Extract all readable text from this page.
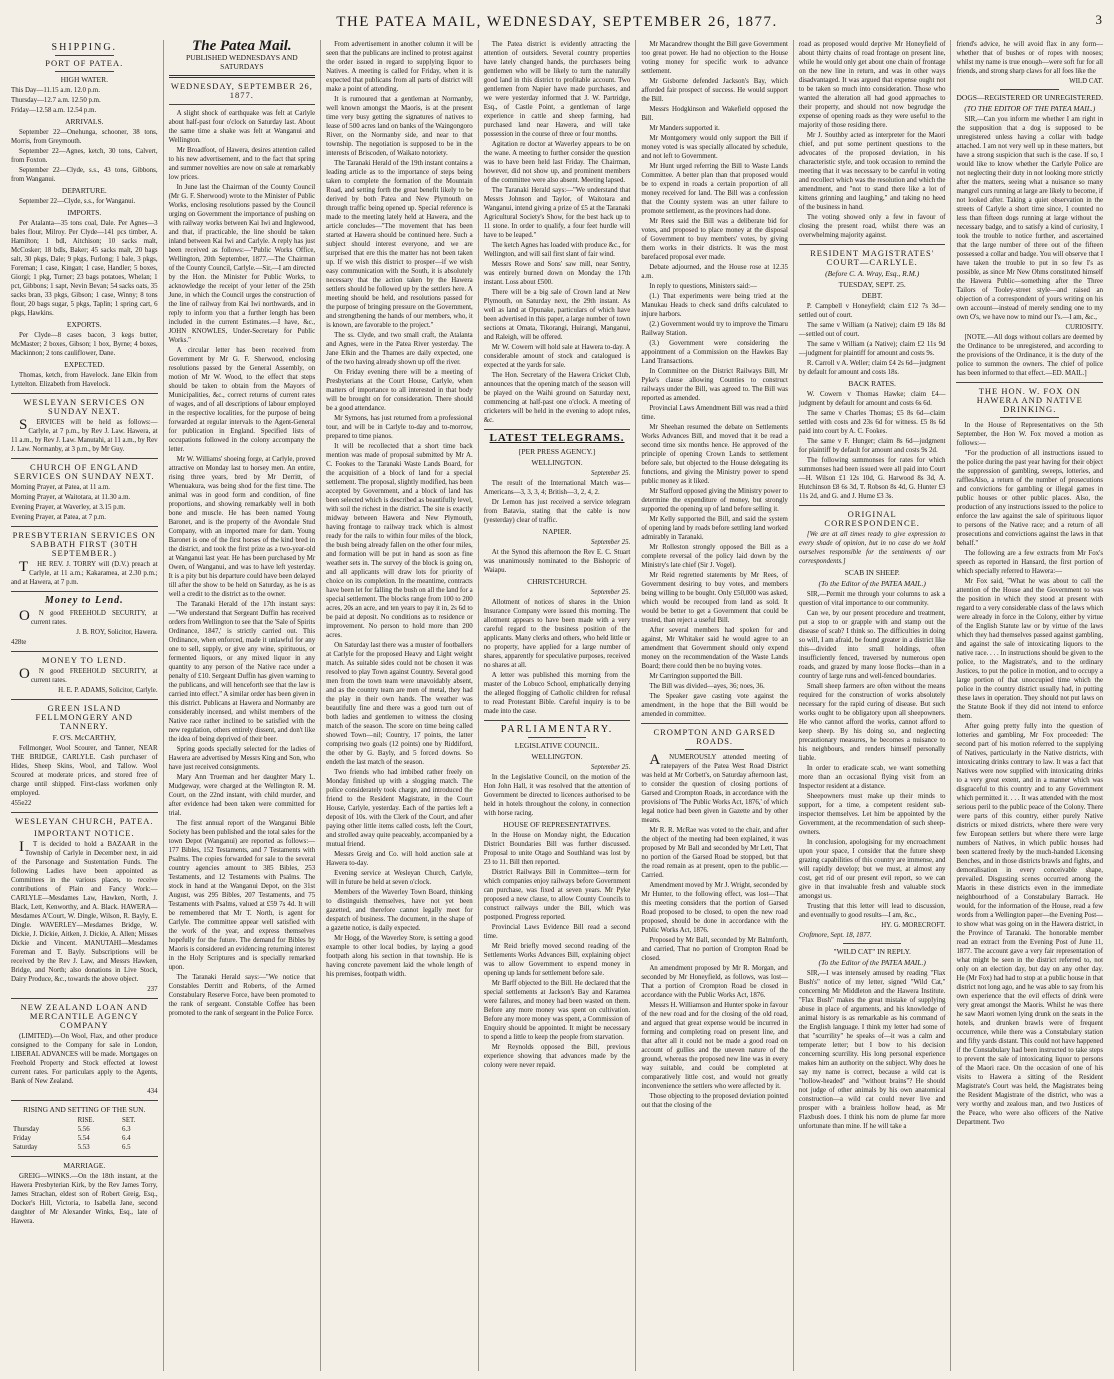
THE PATEA MAIL, WEDNESDAY, SEPTEMBER 26, 1877.	3
SHIPPING.
PORT OF PATEA.
HIGH WATER.

This Day—11.15 a.m. 12.0 p.m.

Thursday—12.7 a.m. 12.50 p.m.

Friday—12.58 a.m. 12.54 p.m.

ARRIVALS.

September 22—Onehunga, schooner, 38 tons, Morris, from Greymouth.

September 22—Agnes, ketch, 30 tons, Calvert, from Foxton.

September 22—Clyde, s.s., 43 tons, Gibbons, from Wanganui.

DEPARTURE.

September 22—Clyde, s.s., for Wanganui.

IMPORTS.

Per Atalanta—35 tons coal, Dale. Per Agnes—3 bales flour, Milroy. Per Clyde—141 pcs timber, A. Hamilton; 1 bdl, Aitchison; 10 sacks malt, McCosker; 18 bdls, Baker; 45 sacks malt, 20 bags salt, 30 pkgs, Dale; 9 pkgs, Furlong; 1 bale, 3 pkgs, Foreman; 1 case, Kingan; 1 case, Handler; 5 boxes, Giorgi; 1 pkg, Turner; 23 bags potatoes, Whelan; 1 pct, Gibbons; 1 sapt, Nevin Bevan; 54 sacks oats, 35 sacks bran, 33 pkgs, Gibson; 1 case, Winny; 8 tons flour, 20 bags sugar, 5 pkgs, Taplin; 1 spring cart, 6 pkgs, Hawkins.

EXPORTS.

Per Clyde—8 cases bacon, 3 kegs butter, McMaster; 2 boxes, Gibson; 1 box, Byrne; 4 boxes, Mackinnon; 2 tons cauliflower, Dane.

EXPECTED.

Thomas, ketch, from Havelock. Jane Elkin from Lyttelton. Elizabeth from Havelock.

WESLEYAN SERVICES ON SUNDAY NEXT.

SERVICES will be held as follows:— Carlyle, at 7 p.m., by Rev J. Law. Hawera, at 11 a.m., by Rev J. Law. Manutahi, at 11 a.m., by Rev J. Law. Normanby, at 3 p.m., by Mr Guy.

CHURCH OF ENGLAND SERVICES ON SUNDAY NEXT.

Morning Prayer, at Patea, at 11 a.m.

Morning Prayer, at Waitotara, at 11.30 a.m.

Evening Prayer, at Waverley, at 3.15 p.m.

Evening Prayer, at Patea, at 7 p.m.

PRESBYTERIAN SERVICES ON SABBATH FIRST (30TH SEPTEMBER.)

THE REV. J. TORRY will (D.V.) preach at Carlyle, at 11 a.m.; Kakaramea, at 2.30 p.m.; and at Hawera, at 7 p.m.

Money to Lend.

ON good FREEHOLD SECURITY, at current rates.

J. B. ROY, Solicitor, Hawera.

428te

MONEY TO LEND.

ON good FREEHOLD SECURITY, at current rates.

H. E. P. ADAMS, Solicitor, Carlyle.

GREEN ISLAND FELLMONGERY AND TANNERY.
F. O'S. McCARTHY,

Fellmonger, Wool Scourer, and Tanner, NEAR THE BRIDGE, CARLYLE. Cash purchaser of Hides, Sheep Skins, Wool, and Tallow. Wool Scoured at moderate prices, and stored free of charge until shipped. First-class workmen only employed.

455e22

WESLEYAN CHURCH, PATEA.
IMPORTANT NOTICE.

IT is decided to hold a BAZAAR in the Township of Carlyle in December next, in aid of the Parsonage and Sustentation Funds. The following Ladies have been appointed as Committees in the various places, to receive contributions of Plain and Fancy Work:— CARLYLE—Mesdames Law, Hawken, North, J. Black, Lett, Kenworthy, and A. Black. HAWERA—Mesdames A'Court, W. Dingle, Wilson, R. Bayly, E. Dingle. WAVERLEY—Mesdames Bridge, W. Dickie, J. Dickie, Aitken, J. Dickie, A. Allen; Misses Dickie and Vincent. MANUTAHI—Mesdames Foreman and T. Bayly. Subscriptions will be received by the Rev J. Law, and Messrs Hawken, Bridge, and North; also donations in Live Stock, Dairy Produce, &c., towards the above object.

237

NEW ZEALAND LOAN AND MERCANTILE AGENCY COMPANY

(LIMITED).—On Wool, Flax, and other produce consigned to the Company for sale in London, LIBERAL ADVANCES will be made. Mortgages on Freehold Property and Stock effected at lowest current rates. For particulars apply to the Agents, Bank of New Zealand.

434

RISING AND SETTING OF THE SUN.
	RISE.	SET.
Thursday	5.56	6.3
Friday	5.54	6.4
Saturday	5.53	6.5
MARRIAGE.

GREIG—WINKS.—On the 18th instant, at the Hawera Presbyterian Kirk, by the Rev James Torry, James Strachan, eldest son of Robert Greig, Esq., Docker's Hill, Victoria, to Isabella Jane, second daughter of Mr Alexander Winks, Esq., late of Hawera.

The Patea Mail.
PUBLISHED WEDNESDAYS AND SATURDAYS
WEDNESDAY, SEPTEMBER 26, 1877.

A slight shock of earthquake was felt at Carlyle about half-past four o'clock on Saturday last. About the same time a shake was felt at Wanganui and Wellington.

Mr Broadfoot, of Hawera, desires attention called to his new advertisement, and to the fact that spring and summer novelties are now on sale at remarkably low prices.

In June last the Chairman of the County Council (Mr G. F. Sherwood) wrote to the Minister of Public Works, enclosing resolutions passed by the Council urging on Government the importance of pushing on with railway works between Kai Iwi and Inglewood, and that, if practicable, the line should be taken inland between Kai Iwi and Carlyle. A reply has just been received as follows:—"Public Works Office, Wellington, 20th September, 1877.—The Chairman of the County Council, Carlyle.—Sir,—I am directed by the Hon. the Minister for Public Works, to acknowledge the receipt of your letter of the 25th June, in which the Council urges the construction of the line of railway from Kai Iwi northwards, and in reply to inform you that a further length has been included in the current Estimates.—I have, &c., JOHN KNOWLES, Under-Secretary for Public Works."

A circular letter has been received from Government by Mr G. F. Sherwood, enclosing resolutions passed by the General Assembly, on motion of Mr W. Wood, to the effect that steps should be taken to obtain from the Mayors of Municipalities, &c., correct returns of current rates of wages, and of all descriptions of labour employed in the respective localities, for the purpose of being forwarded at regular intervals to the Agent-General for publication in England. Specified lists of occupations followed in the colony accompany the letter.

Mr W. Williams' shoeing forge, at Carlyle, proved attractive on Monday last to horsey men. An entire, rising three years, bred by Mr Derritt, of Whenuakura, was being shod for the first time. The animal was in good form and condition, of fine proportions, and showing remarkably well in both bone and muscle. He has been named Young Baronet, and is the property of the Avondale Stud Company, with an imported mare for dam. Young Baronet is one of the first horses of the kind bred in the district, and took the first prize as a two-year-old at Wanganui last year. He has been purchased by Mr Owen, of Wanganui, and was to have left yesterday. It is a pity but his departure could have been delayed till after the show to be held on Saturday, as he is as well a credit to the district as to the owner.

The Taranaki Herald of the 17th instant says:—"We understand that Sergeant Duffin has received orders from Wellington to see that the 'Sale of Spirits Ordinance, 1847,' is strictly carried out. This Ordinance, when enforced, made it unlawful for any one to sell, supply, or give any wine, spirituous, or fermented liquors, or any mixed liquor in any quantity to any person of the Native race under a penalty of £10. Sergeant Duffin has given warning to the publicans, and will henceforth see that the law is carried into effect." A similar order has been given in this district. Publicans at Hawera and Normanby are considerably incensed, and whilst members of the Native race rather inclined to be satisfied with the new regulation, others entirely dissent, and don't like the idea of being deprived of their beer.

Spring goods specially selected for the ladies of Hawera are advertised by Messrs King and Son, who have just received consignments.

Mary Ann Trueman and her daughter Mary L. Mudgeway, were charged at the Wellington R. M. Court, on the 22nd instant, with child murder, and after evidence had been taken were committed for trial.

The first annual report of the Wanganui Bible Society has been published and the total sales for the town Depot (Wanganui) are reported as follows:—177 Bibles, 152 Testaments, and 7 Testaments with Psalms. The copies forwarded for sale to the several country agencies amount to 385 Bibles, 253 Testaments, and 12 Testaments with Psalms. The stock in hand at the Wanganui Depot, on the 31st August, was 295 Bibles, 207 Testaments, and 75 Testaments with Psalms, valued at £59 7s 4d. It will be remembered that Mr T. North, is agent for Carlyle. The committee appear well satisfied with the work of the year, and express themselves hopefully for the future. The demand for Bibles by Maoris is considered an evidencing returning interest in the Holy Scriptures and is specially remarked upon.

The Taranaki Herald says:—"We notice that Constables Derritt and Roberts, of the Armed Constabulary Reserve Force, have been promoted to the rank of sergeant. Constable Coffee has been promoted to the rank of sergeant in the Police Force.

From advertisement in another column it will be seen that the publicans are inclined to protest against the order issued in regard to supplying liquor to Natives. A meeting is called for Friday, when it is expected that publicans from all parts of district will make a point of attending.

It is rumoured that a gentleman at Normanby, well known amongst the Maoris, is at the present time very busy getting the signatures of natives to lease of 500 acres land on banks of the Waingongoro River, on the Normanby side, and near to that township. The negotiation is supposed to be in the interests of Briscoden, of Waikato notoriety.

The Taranaki Herald of the 19th instant contains a leading article as to the importance of steps being taken to complete the formation of the Mountain Road, and setting forth the great benefit likely to be derived by both Patea and New Plymouth on through traffic being opened up. Special reference is made to the meeting lately held at Hawera, and the article concludes—"The movement that has been started at Hawera should be continued here. Such a subject should interest everyone, and we are surprised that ere this the matter has not been taken up. If we wish this district to prosper—if we wish easy communication with the South, it is absolutely necessary that the action taken by the Hawera settlers should be followed up by the settlers here. A meeting should be held, and resolutions passed for the purpose of bringing pressure on the Government, and strengthening the hands of our members, who, it is known, are favorable to the project."

The ss. Clyde, and two small craft, the Atalanta and Agnes, were in the Patea River yesterday. The Jane Elkin and the Thames are daily expected, one of the two having already shown up off the river.

On Friday evening there will be a meeting of Presbyterians at the Court House, Carlyle, when matters of importance to all interested in that body will be brought on for consideration. There should be a good attendance.

Mr Symons, has just returned from a professional tour, and will be in Carlyle to-day and to-morrow, prepared to time pianos.

It will be recollected that a short time back mention was made of proposal submitted by Mr A. C. Fookes to the Taranaki Waste Lands Board, for the acquisition of a block of land for a special settlement. The proposal, slightly modified, has been accepted by Government, and a block of land has been selected which is described as beautifully level, with soil the richest in the district. The site is exactly midway between Hawera and New Plymouth, having frontage to railway track which is almost ready for the rails to within four miles of the block, the bush being already fallen on the other four miles, and formation will be put in hand as soon as fine weather sets in. The survey of the block is going on, and all applicants will draw lots for priority of choice on its completion. In the meantime, contracts have been let for falling the bush on all the land for a special settlement. The blocks range from 100 to 200 acres, 20s an acre, and ten years to pay it in, 2s 6d to be paid at deposit. No conditions as to residence or improvement. No person to hold more than 200 acres.

On Saturday last there was a muster of footballers at Carlyle for the proposed Heavy and Light weight match. As suitable sides could not be chosen it was resolved to play Town against Country. Several good men from the town team were unavoidably absent, and as the country team are men of metal, they had the play in their own hands. The weather was beautifully fine and there was a good turn out of both ladies and gentlemen to witness the closing match of the season. The score on time being called showed Town—nil; Country, 17 points, the latter comprising two goals (12 points) one by Riddiford, the other by G. Bayly, and 5 forced downs. So endeth the last match of the season.

Two friends who had imbibed rather freely on Monday finished up with a slogging match. The police considerately took charge, and introduced the friend to the Resident Magistrate, in the Court House, Carlyle, yesterday. Each of the parties left a deposit of 10s. with the Clerk of the Court, and after paying other little items called costs, left the Court, and strolled away quite peaceably, accompanied by a mutual friend.

Messrs Greig and Co. will hold auction sale at Hawera to-day.

Evening service at Wesleyan Church, Carlyle, will in future be held at seven o'clock.

Members of the Waverley Town Board, thinking to distinguish themselves, have not yet been gazetted, and therefore cannot legally meet for despatch of business. The document, in the shape of a gazette notice, is daily expected.

Mr Hogg, of the Waverley Store, is setting a good example to other local bodies, by laying a good footpath along his section in that township. He is having concrete pavement laid the whole length of his premises, footpath width.

The Patea district is evidently attracting the attention of outsiders. Several country properties have lately changed hands, the purchasers being gentlemen who will be likely to turn the naturally good land in this district to profitable account. Two gentlemen from Napier have made purchases, and we were yesterday informed that J. W. Partridge, Esq., of Castle Point, a gentleman of large experience in cattle and sheep farming, had purchased land near Hawera, and will take possession in the course of three or four months.

Agitation re doctor at Waverley appears to be on the wane. A meeting to further consider the question was to have been held last Friday. The Chairman, however, did not show up, and prominent members of the committee were also absent. Meeting lapsed.

The Taranaki Herald says:—"We understand that Messrs Johnson and Taylor, of Waitotara and Wanganui, intend giving a prize of £5 at the Taranaki Agricultural Society's Show, for the best hack up to 11 stone. In order to qualify, a four feet hurdle will have to be leaped."

The ketch Agnes has loaded with produce &c., for Wellington, and will sail first slant of fair wind.

Messrs Rowe and Sons' saw mill, near Sentry, was entirely burned down on Monday the 17th instant. Loss about £500.

There will be a big sale of Crown land at New Plymouth, on Saturday next, the 29th instant. As well as land at Opunake, particulars of which have been advertised in this paper, a large number of town sections at Omata, Tikorangi, Huirangi, Manganui, and Raleigh, will be offered.

Mr W. Cowern will hold sale at Hawera to-day. A considerable amount of stock and catalogued is expected at the yards for sale.

The Hon. Secretary of the Hawera Cricket Club, announces that the opening match of the season will be played on the Waihi ground on Saturday next, commencing at half-past one o'clock. A meeting of cricketers will be held in the evening to adopt rules, &c.

LATEST TELEGRAMS.
[PER PRESS AGENCY.]
WELLINGTON.

September 25.

The result of the International Match was—Americans—3, 3, 3, 4; British—3, 2, 4, 2.

Dr Lemon has just received a service telegram from Batavia, stating that the cable is now (yesterday) clear of traffic.

NAPIER.

September 25.

At the Synod this afternoon the Rev E. C. Stuart was unanimously nominated to the Bishopric of Waiapu.

CHRISTCHURCH.

September 25.

Allotment of notices of shares in the Union Insurance Company were issued this morning. The allotment appears to have been made with a very careful regard to the business position of the applicants. Many clerks and others, who held little or no property, have applied for a large number of shares, apparently for speculative purposes, received no shares at all.

A letter was published this morning from the master of the Lobuco School, emphatically denying the alleged flogging of Catholic children for refusal to read Protestant Bible. Careful inquiry is to be made into the case.

PARLIAMENTARY.
LEGISLATIVE COUNCIL.
WELLINGTON.

September 25.

In the Legislative Council, on the motion of the Hon John Hall, it was resolved that the attention of Government be directed to licences authorised to be held in hotels throughout the colony, in connection with horse racing.

HOUSE OF REPRESENTATIVES.

In the House on Monday night, the Education District Boundaries Bill was further discussed. Proposal to unite Otago and Southland was lost by 23 to 11. Bill then reported.

District Railways Bill in Committee—term for which companies enjoy railways before Government can purchase, was fixed at seven years. Mr Pyke proposed a new clause, to allow County Councils to construct railways under the Bill, which was postponed. Progress reported.

Provincial Laws Evidence Bill read a second time.

Mr Reid briefly moved second reading of the Settlements Works Advances Bill, explaining object was to allow Government to expend money in opening up lands for settlement before sale.

Mr Barff objected to the Bill. He declared that the special settlements at Jackson's Bay and Karamea were failures, and money had been wasted on them. Before any more money was spent on cultivation. Before any more money was spent, a Commission of Enquiry should be appointed. It might be necessary to spend a little to keep the people from starvation.

Mr Reynolds opposed the Bill, previous experience showing that advances made by the colony were never repaid.

Mr Macandrew thought the Bill gave Government too great power. He had no objection to the House voting money for specific work to advance settlement.

Mr Gisborne defended Jackson's Bay, which afforded fair prospect of success. He would support the Bill.

Messrs Hodgkinson and Wakefield opposed the Bill.

Mr Manders supported it.

Mr Montgomery would only support the Bill if money voted is was specially allocated by schedule, and not left to Government.

Mr Hunt urged referring the Bill to Waste Lands Committee. A better plan than that proposed would be to expend in roads a certain proportion of all money received for land. The Bill was a confession that the County system was an utter failure to promote settlement, as the provinces had done.

Mr Rees said the Bill was a deliberate bid for votes, and proposed to place money at the disposal of Government to buy members' votes, by giving them works in their districts. It was the most barefaced proposal ever made.

Debate adjourned, and the House rose at 12.35 a.m.

In reply to questions, Ministers said:—

(1.) That experiments were being tried at the Manukau Heads to check sand drifts calculated to injure harbors.

(2.) Government would try to improve the Timaru Railway Station.

(3.) Government were considering the appointment of a Commission on the Hawkes Bay Land Transactions.

In Committee on the District Railways Bill, Mr Pyke's clause allowing Counties to construct railways under the Bill, was agreed to. The Bill was reported as amended.

Provincial Laws Amendment Bill was read a third time.

Mr Sheehan resumed the debate on Settlements Works Advances Bill, and moved that it be read a second time six months hence. He approved of the principle of opening Crown Lands to settlement before sale, but objected to the House delegating its functions, and giving the Ministry power to spend public money as it liked.

Mr Stafford opposed giving the Ministry power to determine the expenditure of money, but strongly supported the opening up of land before selling it.

Mr Kelly supported the Bill, and said the system of opening land by roads before settling land worked admirably in Taranaki.

Mr Rolleston strongly opposed the Bill as a complete reversal of the policy laid down by the Ministry's late chief (Sir J. Vogel).

Mr Reid regretted statements by Mr Rees, of Government desiring to buy votes, and members being willing to be bought. Only £50,000 was asked, which would be recouped from land as sold. It would be better to get a Government that could be trusted, than reject a useful Bill.

After several members had spoken for and against, Mr Whitaker said he would agree to an amendment that Government should only expend money on the recommendation of the Waste Lands Board; there could then be no buying votes.

Mr Carrington supported the Bill.

The Bill was divided—ayes, 36; noes, 36.

The Speaker gave casting vote against the amendment, in the hope that the Bill would be amended in committee.

CROMPTON AND GARSED ROADS.

ANUMEROUSLY attended meeting of ratepayers of the Patea West Road District was held at Mr Corbett's, on Saturday afternoon last, to consider the question of closing portions of Garsed and Crompton Roads, in accordance with the provisions of 'The Public Works Act, 1876,' of which legal notice had been given in Gazette and by other means.

Mr R. R. McRae was voted to the chair, and after the object of the meeting had been explained, it was proposed by Mr Ball and seconded by Mr Lett, That no portion of the Garsed Road be stopped, but that the road remain as at present, open to the public.—Carried.

Amendment moved by Mr J. Wright, seconded by Mr Hunter, to the following effect, was lost—That this meeting considers that the portion of Garsed Road proposed to be closed, to open the new road proposed, should be done in accordance with the Public Works Act, 1876.

Proposed by Mr Ball, seconded by Mr Balmforth, and carried, That no portion of Crompton Road be closed.

An amendment proposed by Mr R. Morgan, and seconded by Mr Honeyfield, as follows, was lost—That a portion of Crompton Road be closed in accordance with the Public Works Act, 1876.

Messrs H. Williamson and Hunter spoke in favour of the new road and for the closing of the old road, and argued that great expense would be incurred in forming and completing road on present line, and that after all it could not be made a good road on account of gullies and the uneven nature of the ground, whereas the proposed new line was in every way suitable, and could be completed at comparatively little cost, and would not greatly inconvenience the settlers who were affected by it.

Those objecting to the proposed deviation pointed out that the closing of the

road as proposed would deprive Mr Honeyfield of about thirty chains of road frontage on present line, while he would only get about one chain of frontage on the new line in return, and was in other ways disadvantaged. It was argued that expense ought not to be taken so much into consideration. Those who wanted the alteration all had good approaches to their property, and should not now begrudge the expense of opening roads as they were useful to the majority of those residing there.

Mr J. Southby acted as interpreter for the Maori chief, and put some pertinent questions to the advocates of the proposed deviation, in his characteristic style, and took occasion to remind the meeting that it was necessary to be careful in voting and recollect which was the resolution and which the amendment, and "not to stand there like a lot of kittens grinning and laughing," and taking no heed of the business in hand.

The voting showed only a few in favour of closing the present road, whilst there was an overwhelming majority against.

RESIDENT MAGISTRATES' COURT—CARLYLE.
(Before C. A. Wray, Esq., R.M.)
TUESDAY, SEPT. 25.
DEBT.

P. Campbell v Honeyfield; claim £12 7s 3d—settled out of court.

The same v William (a Native); claim £9 18s 8d—settled out of court.

The same v William (a Native); claim £2 11s 9d—judgment for plaintiff for amount and costs 9s.

R. Carroll v A. Weller; claim £4 2s 6d—judgment by default for amount and costs 18s.

BACK RATES.

W. Cowern v Thomas Hawke; claim £4—judgment by default for amount and costs 6s 6d.

The same v Charles Thomas; £5 8s 6d—claim settled with costs and 23s 6d for witness. £5 8s 6d paid into court by A. C. Fookes.

The same v F. Hunger; claim 8s 6d—judgment for plaintiff by default for amount and costs 9s 2d.

The following summonses for rates for which summonses had been issued were all paid into Court—H. Wilson £1 12s 10d, G. Harwood 8s 3d, A. Hutchinson £8 6s 3d, T. Robson 8s 4d, G. Hunter £3 11s 2d, and G. and J. Hume £3 3s.

ORIGINAL CORRESPONDENCE.

[We are at all times ready to give expression to every shade of opinion, but in no case do we hold ourselves responsible for the sentiments of our correspondents.]

SCAB IN SHEEP.
(To the Editor of the PATEA MAIL.)

SIR,—Permit me through your columns to ask a question of vital importance to our community.

Can we, by our present procedure and treatment, put a stop to or grapple with and stamp out the disease of scab? I think so. The difficulties in doing so will, I am afraid, be found greater in a district like this—divided into small holdings, often insufficiently fenced, traversed by numerous open roads, and grazed by many loose flocks—than in a country of large runs and well-fenced boundaries.

Small sheep farmers are often without the means required for the construction of works absolutely necessary for the rapid curing of disease. But such works ought to be obligatory upon all sheepowners. He who cannot afford the works, cannot afford to keep sheep. By his doing so, and neglecting precautionary measures, he becomes a nuisance to his neighbours, and renders himself personally liable.

In order to eradicate scab, we want something more than an occasional flying visit from an Inspector resident at a distance.

Sheepowners must make up their minds to support, for a time, a competent resident sub-inspector themselves. Let him be appointed by the Government, at the recommendation of such sheep-owners.

In conclusion, apologising for my encroachment upon your space, I consider that the future sheep grazing capabilities of this country are immense, and will rapidly develop; but we must, at almost any cost, get rid of our present evil report, so we can give in that invaluable fresh and valuable stock amongst us.

Trusting that this letter will lead to discussion, and eventually to good results—I am, &c.,

HY. G. MORECROFT.

Croftmore, Sept. 18, 1877.

"WILD CAT" IN REPLY.
(To the Editor of the PATEA MAIL.)

SIR,—I was intensely amused by reading "Flax Bush's" notice of my letter, signed "Wild Cat," concerning Mr Middleton and the Hawera Institute. "Flax Bush" makes the great mistake of supplying abuse in place of arguments, and his knowledge of animal history is as remarkable as his command of the English language. I think my letter had some of that "scurrility" he speaks of—it was a calm and temperate letter; but I bow to his decision concerning scurrility. His long personal experience makes him an authority on the subject. Why does he say my name is correct, because a wild cat is "hollow-headed" and "without brains"? He should not judge of other animals by his own anatomical construction—a wild cat could never live and prosper with a brainless hollow head, as Mr Flaxbush does. I think his nom de plume far more unfortunate than mine. If he will take a

friend's advice, he will avoid flax in any form—whether that of bushes or of ropes with nooses; whilst my name is true enough—were soft fur for all friends, and strong sharp claws for all foes like the

WILD CAT.

DOGS—REGISTERED OR UNREGISTERED.
(TO THE EDITOR OF THE PATEA MAIL.)

SIR,—Can you inform me whether I am right in the supposition that a dog is supposed to be unregistered unless having a collar with badge attached. I am not very well up in these matters, but have a strong suspicion that such is the case. If so, I would like to know whether the Carlyle Police are not neglecting their duty in not looking more strictly after the matters, seeing what a nuisance so many mangrel curs running at large are likely to become, if not looked after. Taking a quiet observation in the streets of Carlyle a short time since, I counted no less than fifteen dogs running at large without the necessary badge, and to satisfy a kind of curiosity, I took the trouble to notice further, and ascertained that the large number of three out of the fifteen possessed a collar and badge. You will observe that I have taken the trouble to put in so few I's as possible, as since Mr New Ohms constituted himself the Hawera Public—something after the Three Tailors of Tooley-street style—and raised an objection of a correspondent of yours writing on his own account—instead of merely sending one to my own O's, we have now to mind our I's.—I am, &c.,

CURIOSITY.

[NOTE.—All dogs without collars are deemed by the Ordinance to be unregistered, and according to the provisions of the Ordinance, it is the duty of the police to summon the owners. The chief of police has been informed to that effect.—ED. MAIL.]

THE HON. W. FOX ON HAWERA AND NATIVE DRINKING.

In the House of Representatives on the 5th September, the Hon W. Fox moved a motion as follows:—

"For the production of all instructions issued to the police during the past year having for their object the suppression of gambling, sweeps, lotteries, and rafflesAlso, a return of the number of prosecutions and convictions for gambling or illegal games in public houses or other public places. Also, the production of any instructions issued to the police to enforce the law against the sale of spirituous liquor to persons of the Native race; and a return of all prosecutions and convictions against the laws in that behalf."

The following are a few extracts from Mr Fox's speech as reported in Hansard, the first portion of which specially referred to Hawera:—

Mr Fox said, "What he was about to call the attention of the House and the Government to was the position in which they stood at present with regard to a very considerable class of the laws which were already in force in the Colony, either by virtue of the English Statute law or by virtue of the laws which they had themselves passed against gambling, and against the sale of intoxicating liquors to the native race. . . . In instructions should be given to the police, to the Magistrate's, and to the ordinary Justices, to put the police in motion, and to occupy a large portion of that unoccupied time which the police in the country district usually had, in putting these laws in operation. They should not put laws on the Statute Book if they did not intend to enforce them.

After going pretty fully into the question of lotteries and gambling, Mr Fox proceeded: The second part of his motion referred to the supplying of Natives, particularly in the Native districts, with intoxicating drinks contrary to law. It was a fact that Natives were now supplied with intoxicating drinks to a very great extent, and in a manner which was disgraceful to this country and to any Government which permitted it. . . . It was attended with the most serious peril to the public peace of the Colony. There were parts of this country, either purely Native districts or mixed districts, where there were very few European settlers but where there were large numbers of Natives, in which public houses had been scattered freely by the much-handed Licensing Benches, and in those districts brawls and fights, and demoralisation in every conceivable shape, prevailed. Disgusting scenes occurred among the Maoris in these districts even in the immediate neighbourhood of a Constabulary Barrack. He would, for the information of the House, read a few words from a Wellington paper—the Evening Post—to show what was going on in the Hawera district, in the Province of Taranaki. The honorable member read an extract from the Evening Post of June 11, 1877. The account gave a very fair representation of what might be seen in the district referred to, not only on an election day, but day on any other day. He (Mr Fox) had had to stop at a public house in that district not long ago, and he was able to say from his own experience that the evil effects of drink were very great amongst the Maoris. Whilst he was there he saw Maori women lying drunk on the seats in the hotels, and drunken brawls were of frequent occurrence, while there was a Constabulary station and fifty yards distant. This could not have happened if the Constabulary had been instructed to take steps to prevent the sale of intoxicating liquor to persons of the Maori race. On the occasion of one of his visits to Hawera a sitting of the Resident Magistrate's Court was held, the Magistrates being the Resident Magistrate of the district, who was a very worthy and zealous man, and two Justices of the Peace, who were also officers of the Native Department. Two
